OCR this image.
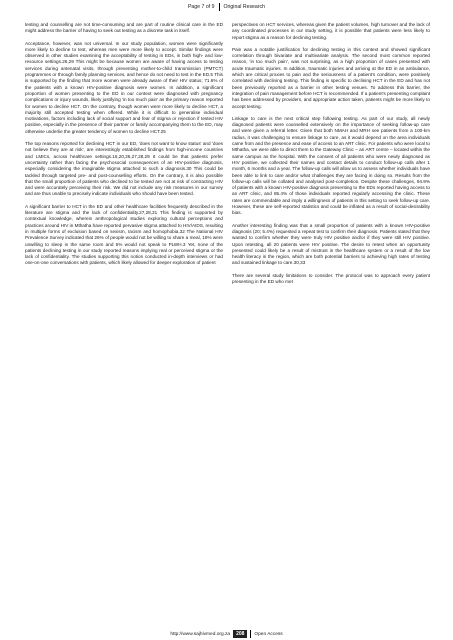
Page 7 of 9 Original Research

testing and counselling are not time-consuming and are part of routine clinical care in the ED might address the barrier of having to seek out testing as a discrete task in itself.

Acceptance, however, was not universal. In our study population, women were significantly more likely to decline to test, whereas men were more likely to accept. Similar findings were observed in other studies examining the acceptability of testing in EDs, in both high- and low-resource settings.26,29 This might be because women are aware of having access to testing services during antenatal visits, through preventing mother-to-child transmission (PMTCT) programmes or through family planning services, and hence do not need to test in the ED.5 This is supported by the finding that more women were already aware of their HIV status; 71.6% of the patients with a known HIV-positive diagnosis were women. In addition, a significant proportion of women presenting to the ED in our context were diagnosed with pregnancy complications or injury wounds, likely justifying 'in too much pain' as the primary reason reported for women to decline HCT. On the contrary, though women were more likely to decline HCT, a majority still accepted testing when offered. While it is difficult to generalise individual motivations, factors including lack of social support and fear of stigma or rejection if tested HIV positive, especially in the presence of their partner or family accompanying them to the ED, may otherwise underlie the greater tendency of women to decline HCT.25

The top reasons reported for declining HCT in our ED, 'does not want to know status' and 'does not believe they are at risk', are interestingly established findings from high-income countries and LMICs, across healthcare settings.16,20,26,27,28,29 It could be that patients prefer uncertainty rather than facing the psychosocial consequences of an HIV-positive diagnosis, especially considering the imaginable stigma attached to such a diagnosis.30 This could be tackled through targeted pre- and post-counselling efforts. On the contrary, it is also possible that the small proportion of patients who declined to be tested are not at risk of contracting HIV and were accurately perceiving their risk. We did not include any risk measures in our survey and are thus unable to precisely indicate individuals who should have been tested.

A significant barrier to HCT in the ED and other healthcare facilities frequently described in the literature are stigma and the lack of confidentiality.27,28,31 This finding is supported by contextual knowledge, wherein anthropological studies exploring cultural perceptions and practices around HIV in Mthatha have reported pervasive stigma attached to HIV/AIDS, resulting in multiple forms of exclusion based on sexism, racism and homophobia.32 The National HIV Prevalence Survey indicated that 26% of people would not be willing to share a meal, 18% were unwilling to sleep in the same room and 6% would not speak to PLWH.3 Yet, none of the patients declining testing in our study reported reasons implying real or perceived stigma or the lack of confidentiality. The studies supporting this notion conducted in-depth interviews or had one-on-one conversations with patients, which likely allowed for deeper exploration of patient

perspectives on HCT services, whereas given the patient volumes, high turnover and the lack of any coordinated processes in our study setting, it is possible that patients were less likely to report stigma as a reason for declining testing.

Pain was a notable justification for declining testing in this context and showed significant correlation through bivariate and multivariate analysis. The second most common reported reason, 'in too much pain', was not surprising, as a high proportion of cases presented with acute traumatic injuries. In addition, traumatic injuries and arriving at the ED in an ambulance, which are critical proxies to pain and the seriousness of a patient's condition, were positively correlated with declining testing. This finding is specific to declining HCT in the ED and has not been previously reported as a barrier in other testing venues. To address this barrier, the integration of pain management before HCT is recommended. If a patient's presenting complaint has been addressed by providers, and appropriate action taken, patients might be more likely to accept testing.

Linkage to care is the next critical step following testing. As part of our study, all newly diagnosed patients were counselled extensively on the importance of seeking follow-up care and were given a referral letter. Given that both NMAH and MRH see patients from a 100-km radius, it was challenging to ensure linkage to care, as it would depend on the area individuals came from and the presence and ease of access to an ART clinic. For patients who were local to Mthatha, we were able to direct them to the Gateway Clinic – an ART centre – located within the same campus as the hospital. With the consent of all patients who were newly diagnosed as HIV positive, we collected their names and contact details to conduct follow-up calls after 1 month, 6 months and a year. The follow-up calls will allow us to assess whether individuals have been able to link to care and/or what challenges they are facing in doing so. Results from the follow-up calls will be collated and analysed post-completion. Despite these challenges, 94.9% of patients with a known HIV-positive diagnosis presenting to the EDs reported having access to an ART clinic, and 85.4% of those individuals reported regularly accessing the clinic. These rates are commendable and imply a willingness of patients in this setting to seek follow-up care. However, these are self-reported statistics and could be inflated as a result of social-desirability bias.

Another interesting finding was that a small proportion of patients with a known HIV-positive diagnosis (20; 5.4%) requested a repeat test to confirm their diagnosis. Patients stated that they wanted to confirm whether they were truly HIV positive and/or if they were still HIV positive. Upon retesting, all 20 patients were HIV positive. The desire to retest when an opportunity presented could likely be a result of mistrust in the healthcare system or a result of the low health literacy in the region, which are both potential barriers to achieving high rates of testing and sustained linkage to care.30,33

There are several study limitations to consider. The protocol was to approach every patient presenting in the ED who met

http://www.sajhivmed.org.za	208	Open Access
